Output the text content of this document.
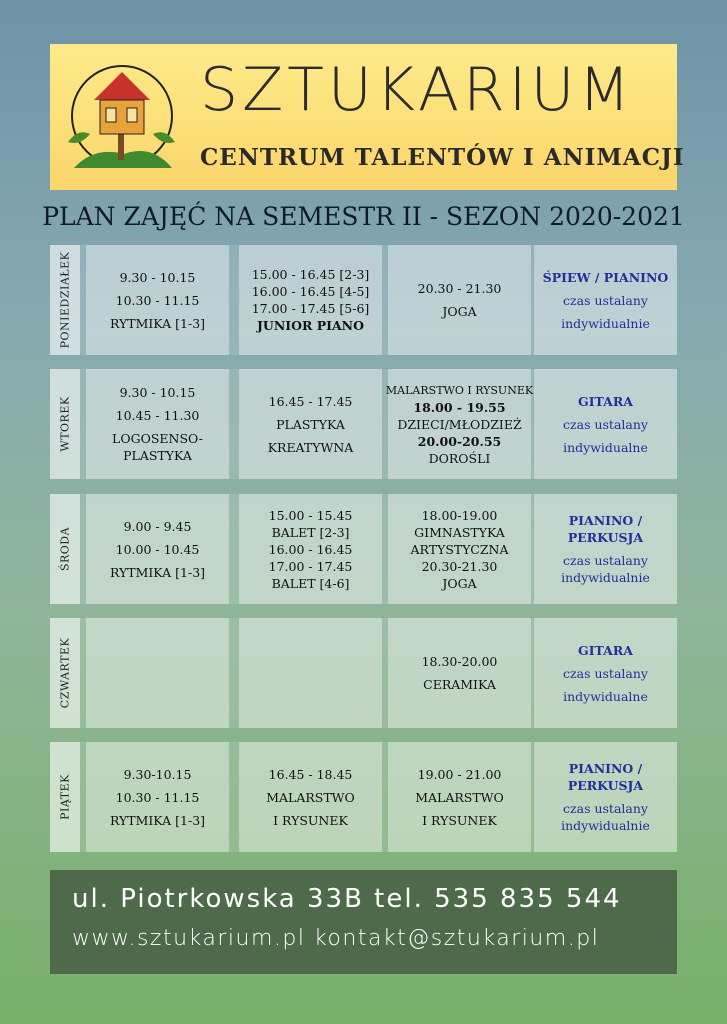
SZTUKARIUM
CENTRUM TALENTÓW I ANIMACJI
PLAN ZAJĘĆ NA SEMESTR II - SEZON 2020-2021
PONIEDZIAŁEK	9.30 - 10.15
10.30 - 11.15
RYTMIKA [1-3]
15.00 - 16.45 [2-3]
16.00 - 16.45 [4-5]
17.00 - 17.45 [5-6]
JUNIOR PIANO
20.30 - 21.30
JOGA
ŚPIEW / PIANINO
czas ustalany
indywidualnie
WTOREK
9.30 - 10.15
10.45 - 11.30
LOGOSENSO-
PLASTYKA
16.45 - 17.45
PLASTYKA
KREATYWNA
MALARSTWO I RYSUNEK
18.00 - 19.55
DZIECI/MŁODZIEŻ
20.00-20.55
DOROŚLI
GITARA
czas ustalany
indywidualne
ŚRODA
9.00 - 9.45
10.00 - 10.45
RYTMIKA [1-3]
15.00 - 15.45
BALET [2-3]
16.00 - 16.45
17.00 - 17.45
BALET [4-6]
18.00-19.00
GIMNASTYKA
ARTYSTYCZNA
20.30-21.30
JOGA
PIANINO /
PERKUSJA
czas ustalany
indywidualnie
CZWARTEK	18.30-20.00
CERAMIKA
GITARA
czas ustalany
indywidualne
PIĄTEK
9.30-10.15
10.30 - 11.15
RYTMIKA [1-3]
16.45 - 18.45
MALARSTWO
I RYSUNEK
19.00 - 21.00
MALARSTWO
I RYSUNEK
PIANINO /
PERKUSJA
czas ustalany
indywidualnie
ul. Piotrkowska 33B tel. 535 835 544
www.sztukarium.pl kontakt@sztukarium.pl
